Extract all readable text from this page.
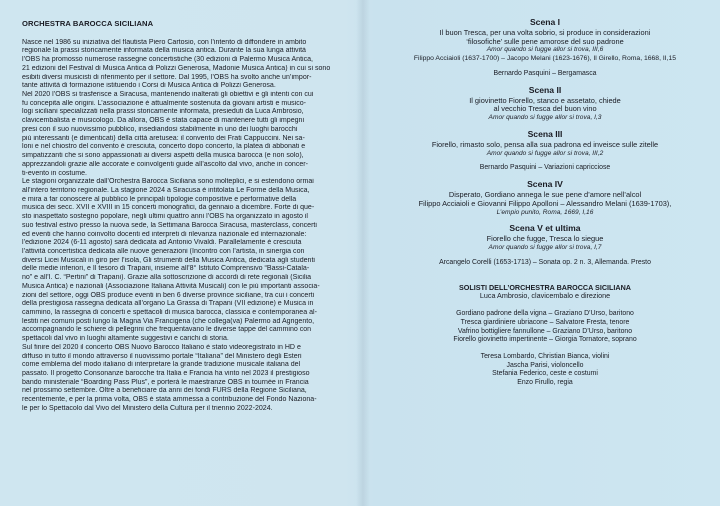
ORCHESTRA BAROCCA SICILIANA
Nasce nel 1986 su iniziativa del flautista Piero Cartosio, con l’intento di diffondere in ambito
regionale la prassi storicamente informata della musica antica. Durante la sua lunga attività
l’OBS ha promosso numerose rassegne concertistiche (30 edizioni di Palermo Musica Antica,
21 edizioni del Festival di Musica Antica di Polizzi Generosa, Madonie Musica Antica) in cui si sono
esibiti diversi musicisti di riferimento per il settore. Dal 1995, l’OBS ha svolto anche un’impor-
tante attività di formazione istituendo i Corsi di Musica Antica di Polizzi Generosa.
Nel 2020 l’OBS si trasferisce a Siracusa, mantenendo inalterati gli obiettivi e gli intenti con cui
fu concepita alle origini. L’associazione è attualmente sostenuta da giovani artisti e musico-
logi siciliani specializzati nella prassi storicamente informata, presieduti da Luca Ambrosio,
clavicembalista e musicologo. Da allora, OBS è stata capace di mantenere tutti gli impegni
presi con il suo nuovissimo pubblico, insediandosi stabilmente in uno dei luoghi barocchi
più interessanti (e dimenticati) della città aretusea: il convento dei Frati Cappuccini. Nei sa-
loni e nel chiostro del convento è cresciuta, concerto dopo concerto, la platea di abbonati e
simpatizzanti che si sono appassionati ai diversi aspetti della musica barocca (e non solo),
apprezzandoli grazie alle accorate e coinvolgenti guide all’ascolto dal vivo, anche in concer-
ti-evento in costume.
Le stagioni organizzate dall’Orchestra Barocca Siciliana sono molteplici, e si estendono ormai
all’intero territorio regionale. La stagione 2024 a Siracusa è intitolata Le Forme della Musica,
e mira a far conoscere al pubblico le principali tipologie compositive e performative della
musica dei secc. XVII e XVIII in 15 concerti monografici, da gennaio a dicembre. Forte di que-
sto inaspettato sostegno popolare, negli ultimi quattro anni l’OBS ha organizzato in agosto il
suo festival estivo presso la nuova sede, la Settimana Barocca Siracusa, masterclass, concerti
ed eventi che hanno coinvolto docenti ed interpreti di rilevanza nazionale ed internazionale:
l’edizione 2024 (6-11 agosto) sarà dedicata ad Antonio Vivaldi. Parallelamente è cresciuta
l’attività concertistica dedicata alle nuove generazioni (Incontro con l’artista, in sinergia con
diversi Licei Musicali in giro per l’isola, Gli strumenti della Musica Antica, dedicata agli studenti
delle medie inferiori, e Il tesoro di Trapani, insieme all’8° Istituto Comprensivo “Bassi-Catala-
no” e all’I. C. “Pertini” di Trapani). Grazie alla sottoscrizione di accordi di rete regionali (Sicilia
Musica Antica) e nazionali (Associazione Italiana Attività Musicali) con le più importanti associa-
zioni del settore, oggi OBS produce eventi in ben 6 diverse province siciliane, tra cui i concerti
della prestigiosa rassegna dedicata all’organo La Grassa di Trapani (VII edizione) e Musica in
cammino, la rassegna di concerti e spettacoli di musica barocca, classica e contemporanea al-
lestiti nei comuni posti lungo la Magna Via Francigena (che collega(va) Palermo ad Agrigento,
accompagnando le schiere di pellegrini che frequentavano le diverse tappe del cammino con
spettacoli dal vivo in luoghi altamente suggestivi e carichi di storia.
Sul finire del 2020 il concerto OBS Nuovo Barocco Italiano è stato videoregistrato in HD e
diffuso in tutto il mondo attraverso il nuovissimo portale “Italiana” del Ministero degli Esteri
come emblema del modo italiano di interpretare la grande tradizione musicale italiana del
passato. Il progetto Consonanze barocche tra Italia e Francia ha vinto nel 2023 il prestigioso
bando ministeriale “Boarding Pass Plus”, e porterà le maestranze OBS in tournée in Francia
nel prossimo settembre. Oltre a beneficiare da anni dei fondi FURS della Regione Siciliana,
recentemente, e per la prima volta, OBS è stata ammessa a contribuzione del Fondo Naziona-
le per lo Spettacolo dal Vivo del Ministero della Cultura per il triennio 2022-2024.
Scena I
Il buon Tresca, per una volta sobrio, si produce in considerazioni
‘filosofiche’ sulle pene amorose del suo padrone
Amor quando si fugge allor si trova, III,6
Filippo Acciaioli (1637-1700) – Jacopo Melani (1623-1676), Il Girello, Roma, 1668, II,15
Bernardo Pasquini – Bergamasca
Scena II
Il giovinetto Fiorello, stanco e assetato, chiede
al vecchio Tresca del buon vino
Amor quando si fugge allor si trova, I,3
Scena III
Fiorello, rimasto solo, pensa alla sua padrona ed inveisce sulle zitelle
Amor quando si fugge allor si trova, III,2
Bernardo Pasquini – Variazioni capricciose
Scena IV
Disperato, Gordiano annega le sue pene d’amore nell’alcol
Filippo Acciaioli e Giovanni Filippo Apolloni – Alessandro Melani (1639-1703),
L’empio punito, Roma, 1669, I,16
Scena V et ultima
Fiorello che fugge, Tresca lo siegue
Amor quando si fugge allor si trova, I,7
Arcangelo Corelli (1653-1713) – Sonata op. 2 n. 3, Allemanda. Presto
SOLISTI DELL’ORCHESTRA BAROCCA SICILIANA
Luca Ambrosio, clavicembalo e direzione
Gordiano padrone della vigna – Graziano D’Urso, baritono
Tresca giardiniere ubriacone – Salvatore Fresta, tenore
Vafrino bottigliere fannullone – Graziano D’Urso, baritono
Fiorello giovinetto impertinente – Giorgia Tornatore, soprano
Teresa Lombardo, Christian Bianca, violini
Jascha Parisi, violoncello
Stefania Federico, ceste e costumi
Enzo Firullo, regia
